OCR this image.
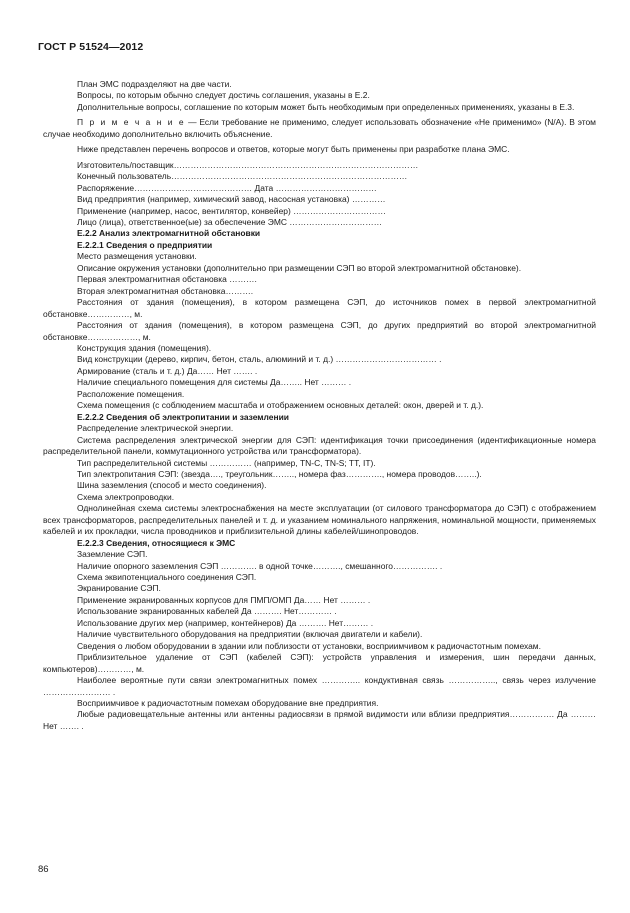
ГОСТ Р 51524—2012

План ЭМС подразделяют на две части.

Вопросы, по которым обычно следует достичь соглашения, указаны в Е.2.

Дополнительные вопросы, соглашение по которым может быть необходимым при определенных применениях, указаны в Е.3.

П р и м е ч а н и е — Если требование не применимо, следует использовать обозначение «Не применимо» (N/A). В этом случае необходимо дополнительно включить объяснение.

Ниже представлен перечень вопросов и ответов, которые могут быть применены при разработке плана ЭМС.

Изготовитель/поставщик……………………………………………………………………………

Конечный пользователь…………………………………………………………………………

Распоряжение…………………………………… Дата ………………………………

Вид предприятия (например, химический завод, насосная установка) …………

Применение (например, насос, вентилятор, конвейер) ……………………………

Лицо (лица), ответственное(ые) за обеспечение ЭМС ……………………………

Е.2.2 Анализ электромагнитной обстановки

Е.2.2.1 Сведения о предприятии

Место размещения установки.

Описание окружения установки (дополнительно при размещении СЭП во второй электромагнитной обстановке).

Первая электромагнитная обстановка ……….

Вторая электромагнитная обстановка……….

Расстояния от здания (помещения), в котором размещена СЭП, до источников помех в первой электромагнитной обстановке……………, м.

Расстояния от здания (помещения), в котором размещена СЭП, до других предприятий во второй электромагнитной обстановке………………, м.

Конструкция здания (помещения).

Вид конструкции (дерево, кирпич, бетон, сталь, алюминий и т. д.) ……………………………… .

Армирование (сталь и т. д.) Да…… Нет ……. .

Наличие специального помещения для системы Да…….. Нет ……… .

Расположение помещения.

Схема помещения (с соблюдением масштаба и отображением основных деталей: окон, дверей и т. д.).

Е.2.2.2 Сведения об электропитании и заземлении

Распределение электрической энергии.

Система распределения электрической энергии для СЭП: идентификация точки присоединения (идентификационные номера распределительной панели, коммутационного устройства или трансформатора).

Тип распределительной системы …………… (например, TN-C, TN-S; TT, IT).

Тип электропитания СЭП: (звезда…., треугольник…….., номера фаз…………., номера проводов……..).

Шина заземления (способ и место соединения).

Схема электропроводки.

Однолинейная схема системы электроснабжения на месте эксплуатации (от силового трансформатора до СЭП) с отображением всех трансформаторов, распределительных панелей и т. д. и указанием номинального напряжения, номинальной мощности, применяемых кабелей и их прокладки, числа проводников и приблизительной длины кабелей/шинопроводов.

Е.2.2.3 Сведения, относящиеся к ЭМС

Заземление СЭП.

Наличие опорного заземления СЭП …………. в одной точке………., смешанного……………. .

Схема эквипотенциального соединения СЭП.

Экранирование СЭП.

Применение экранированных корпусов для ПМП/ОМП Да…… Нет ……… .

Использование экранированных кабелей Да ………. Нет………… .

Использование других мер (например, контейнеров) Да ………. Нет……… .

Наличие чувствительного оборудования на предприятии (включая двигатели и кабели).

Сведения о любом оборудовании в здании или поблизости от установки, восприимчивом к радиочастотным помехам.

Приблизительное удаление от СЭП (кабелей СЭП): устройств управления и измерения, шин передачи данных, компьютеров)…………, м.

Наиболее вероятные пути связи электромагнитных помех ………….. кондуктивная связь …………….., связь через излучение …………………… .

Восприимчивое к радиочастотным помехам оборудование вне предприятия.

Любые радиовещательные антенны или антенны радиосвязи в прямой видимости или вблизи предприятия……………. Да ……… Нет ……. .

86
